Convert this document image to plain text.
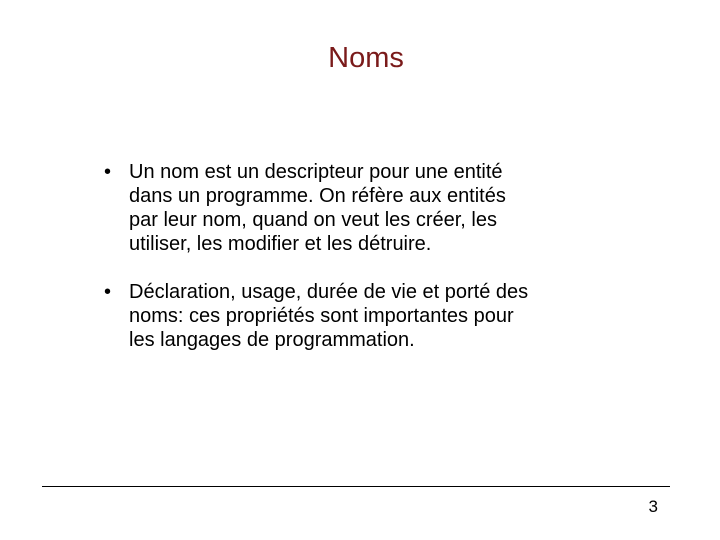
Noms
• Un nom est un descripteur pour une entité
dans un programme. On réfère aux entités
par leur nom, quand on veut les créer, les
utiliser, les modifier et les détruire.
• Déclaration, usage, durée de vie et porté des
noms: ces propriétés sont importantes pour
les langages de programmation.
3
